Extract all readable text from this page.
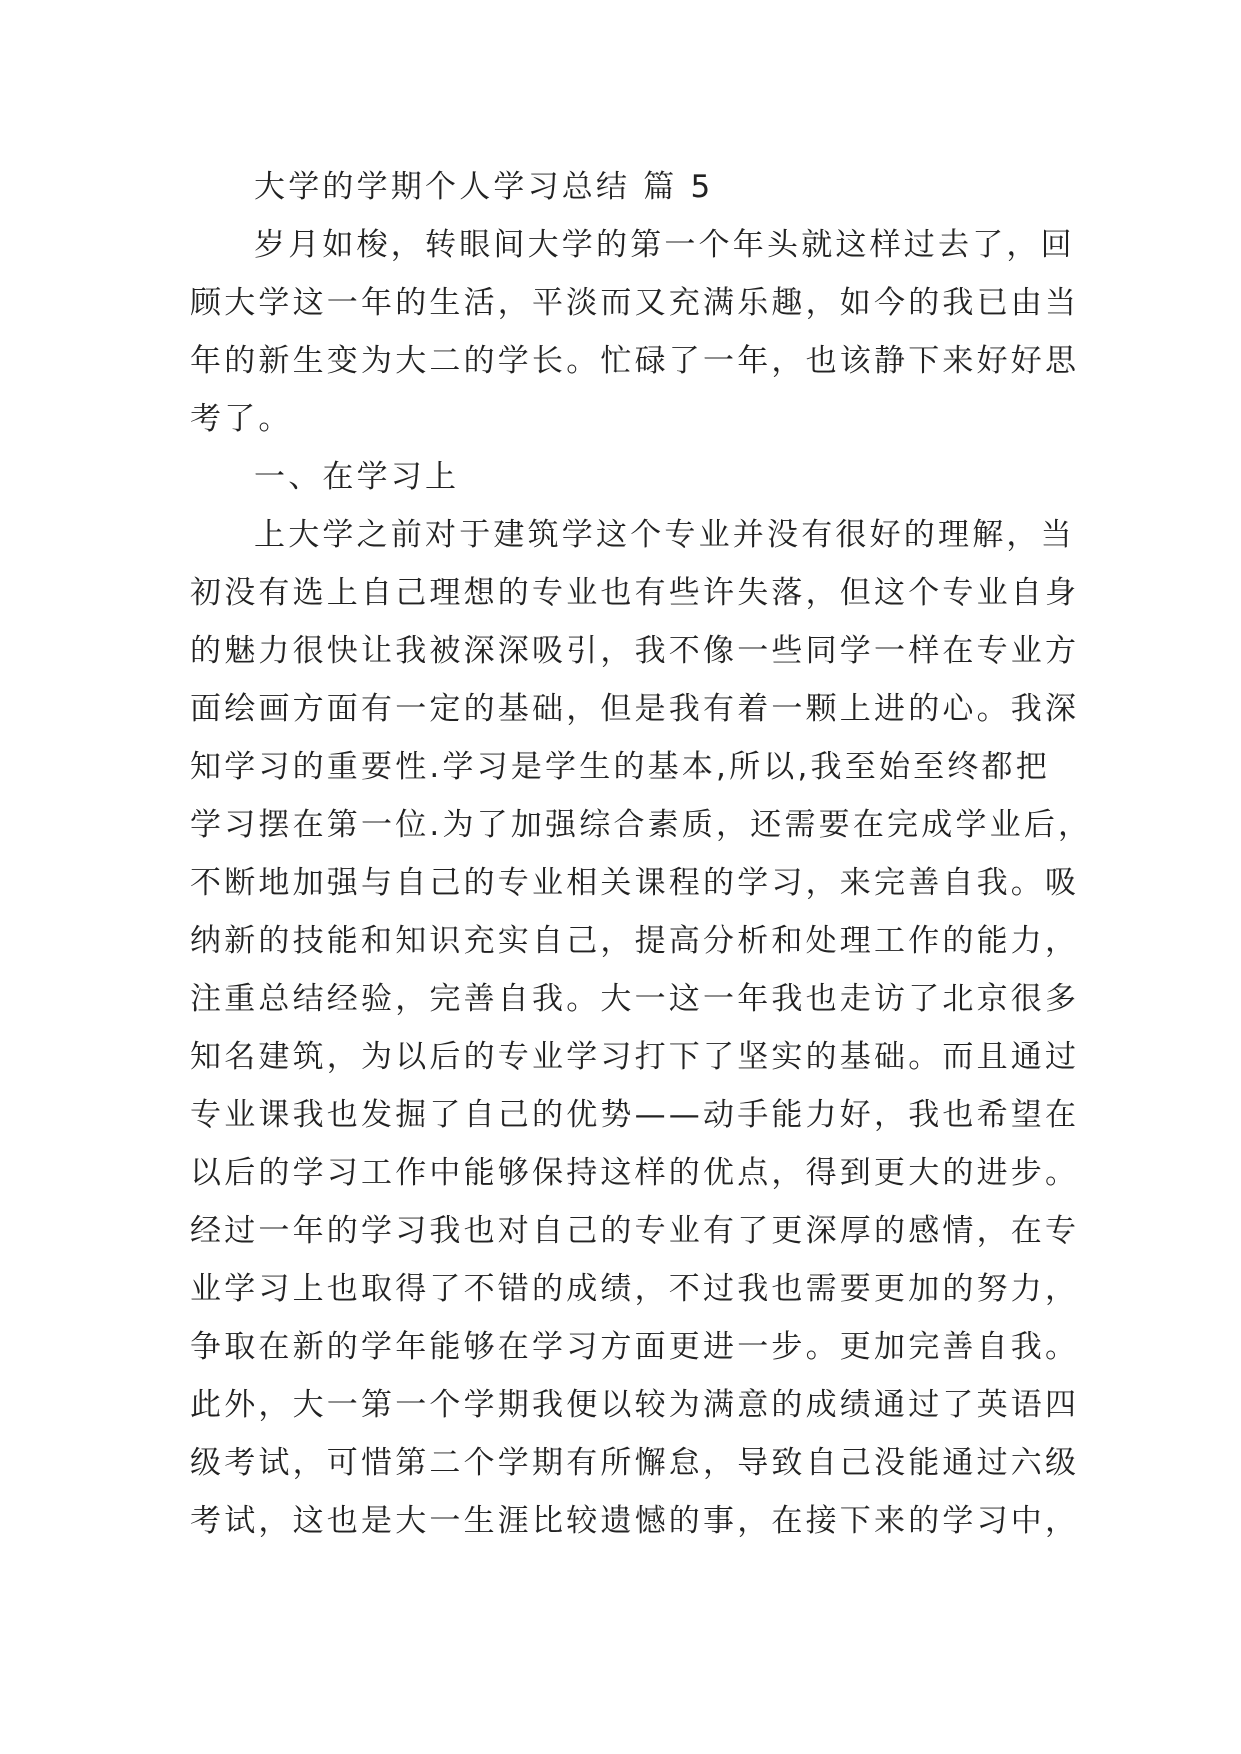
大学的学期个人学习总结 篇 5
岁月如梭，转眼间大学的第一个年头就这样过去了，回
顾大学这一年的生活，平淡而又充满乐趣，如今的我已由当
年的新生变为大二的学长。忙碌了一年，也该静下来好好思
考了。
一、在学习上
上大学之前对于建筑学这个专业并没有很好的理解，当
初没有选上自己理想的专业也有些许失落，但这个专业自身
的魅力很快让我被深深吸引，我不像一些同学一样在专业方
面绘画方面有一定的基础，但是我有着一颗上进的心。我深
知学习的重要性.学习是学生的基本,所以,我至始至终都把
学习摆在第一位.为了加强综合素质，还需要在完成学业后，
不断地加强与自己的专业相关课程的学习，来完善自我。吸
纳新的技能和知识充实自己，提高分析和处理工作的能力，
注重总结经验，完善自我。大一这一年我也走访了北京很多
知名建筑，为以后的专业学习打下了坚实的基础。而且通过
专业课我也发掘了自己的优势——动手能力好，我也希望在
以后的学习工作中能够保持这样的优点，得到更大的进步。
经过一年的学习我也对自己的专业有了更深厚的感情，在专
业学习上也取得了不错的成绩，不过我也需要更加的努力，
争取在新的学年能够在学习方面更进一步。更加完善自我。
此外，大一第一个学期我便以较为满意的成绩通过了英语四
级考试，可惜第二个学期有所懈怠，导致自己没能通过六级
考试，这也是大一生涯比较遗憾的事，在接下来的学习中，
